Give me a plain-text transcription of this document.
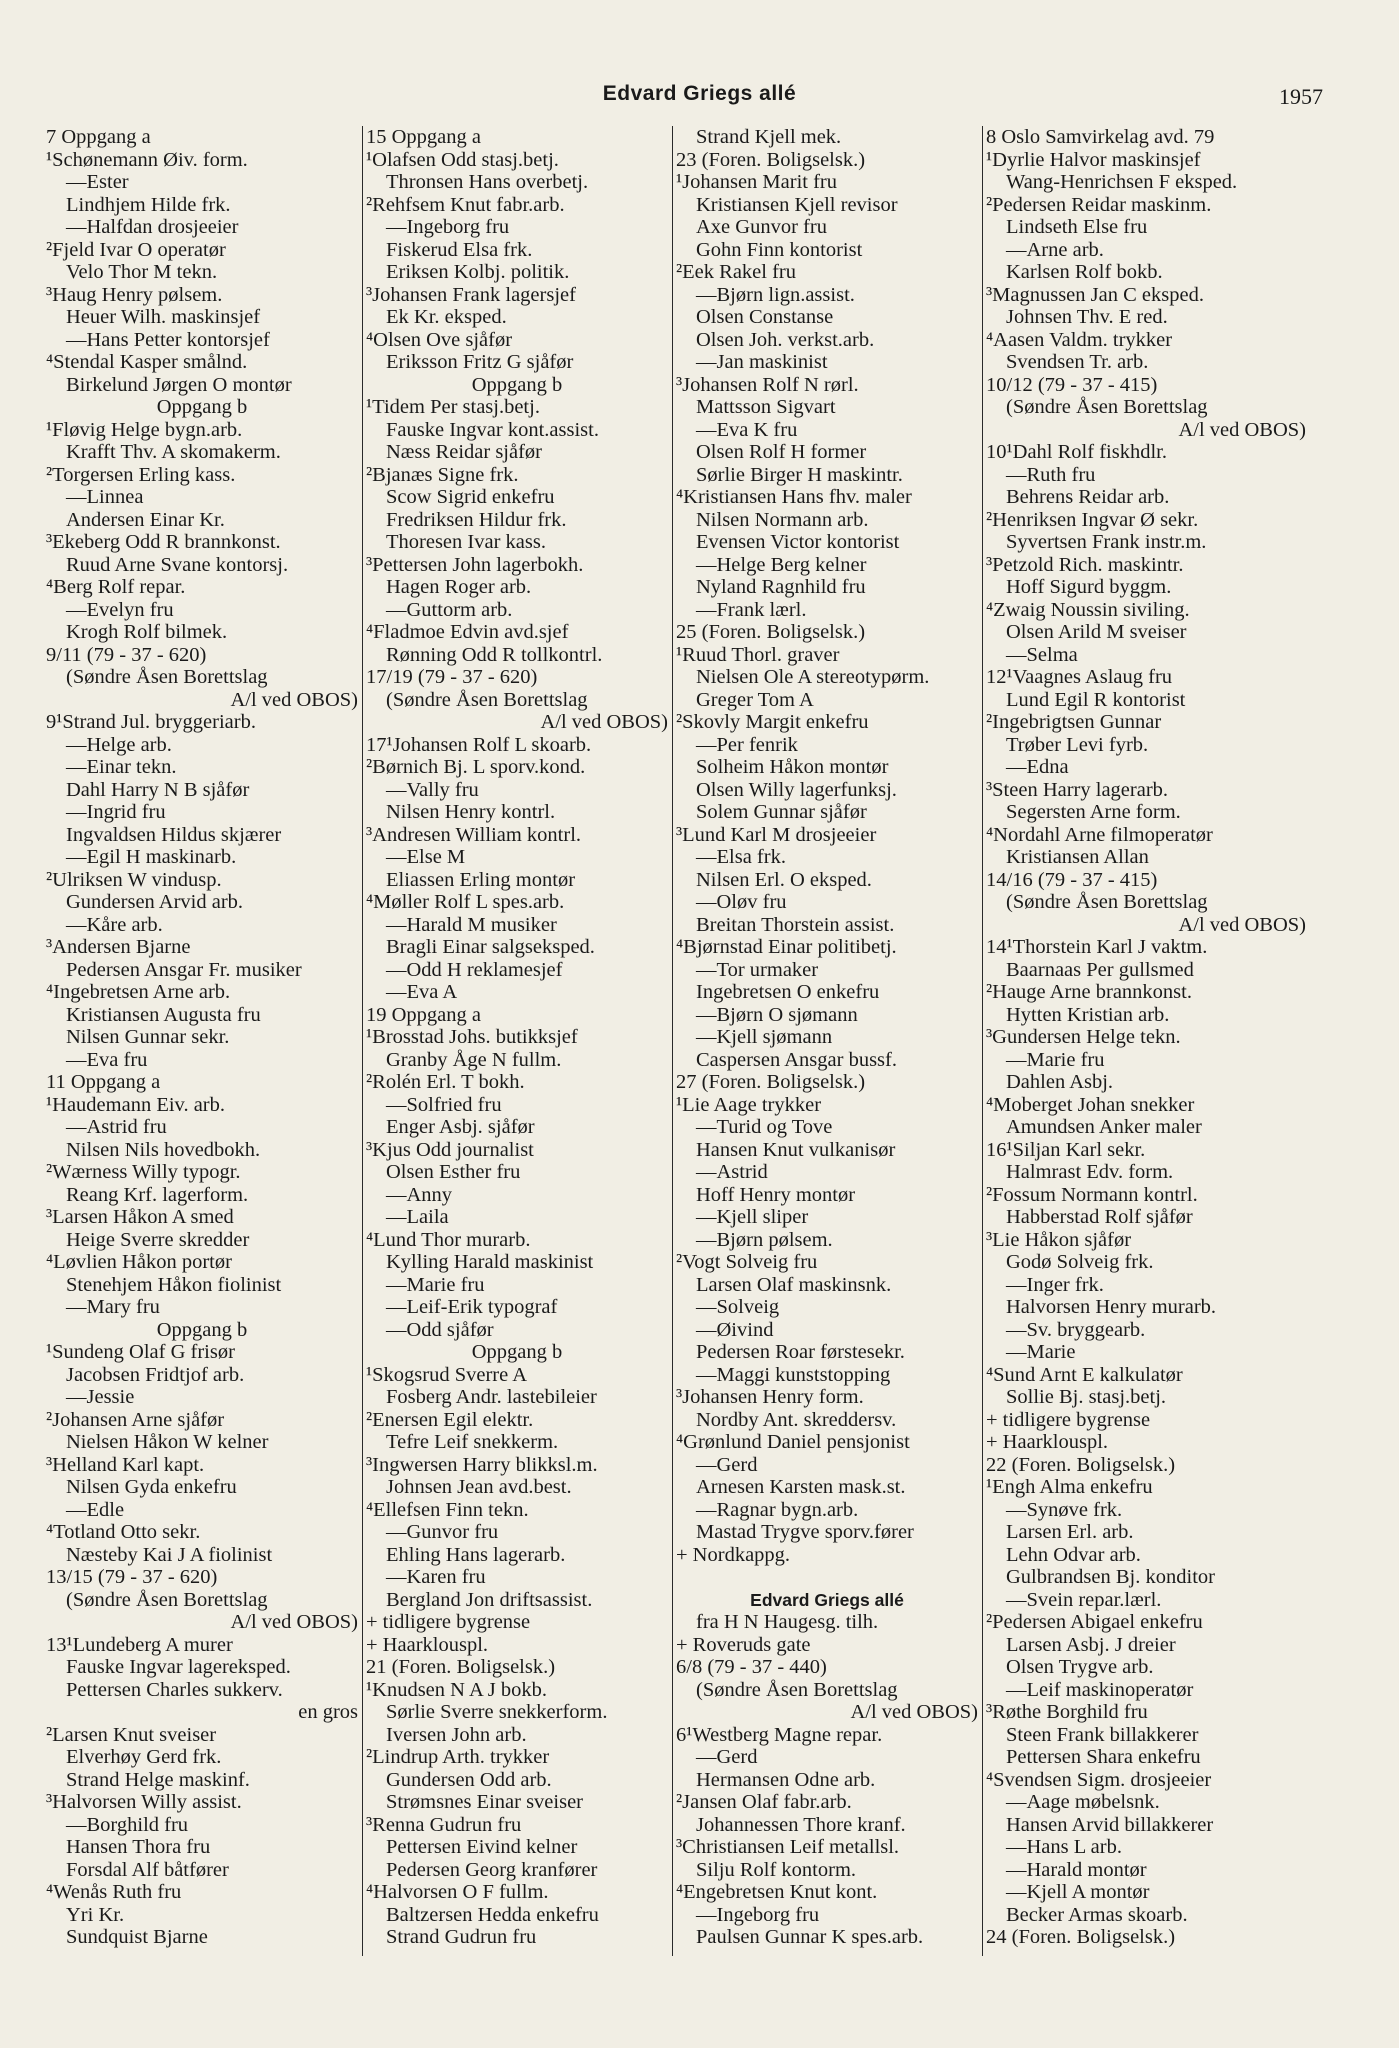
Edvard Griegs allé	1957
7 Oppgang a
¹Schønemann Øiv. form.
—Ester
Lindhjem Hilde frk.
—Halfdan drosjeeier
²Fjeld Ivar O operatør
Velo Thor M tekn.
³Haug Henry pølsem.
Heuer Wilh. maskinsjef
—Hans Petter kontorsjef
⁴Stendal Kasper smålnd.
Birkelund Jørgen O montør
Oppgang b
¹Fløvig Helge bygn.arb.
Krafft Thv. A skomakerm.
²Torgersen Erling kass.
—Linnea
Andersen Einar Kr.
³Ekeberg Odd R brannkonst.
Ruud Arne Svane kontorsj.
⁴Berg Rolf repar.
—Evelyn fru
Krogh Rolf bilmek.
9/11 (79 - 37 - 620)
(Søndre Åsen Borettslag
A/l ved OBOS)
9¹Strand Jul. bryggeriarb.
—Helge arb.
—Einar tekn.
Dahl Harry N B sjåfør
—Ingrid fru
Ingvaldsen Hildus skjærer
—Egil H maskinarb.
²Ulriksen W vindusp.
Gundersen Arvid arb.
—Kåre arb.
³Andersen Bjarne
Pedersen Ansgar Fr. musiker
⁴Ingebretsen Arne arb.
Kristiansen Augusta fru
Nilsen Gunnar sekr.
—Eva fru
11 Oppgang a
¹Haudemann Eiv. arb.
—Astrid fru
Nilsen Nils hovedbokh.
²Wærness Willy typogr.
Reang Krf. lagerform.
³Larsen Håkon A smed
Heige Sverre skredder
⁴Løvlien Håkon portør
Stenehjem Håkon fiolinist
—Mary fru
Oppgang b
¹Sundeng Olaf G frisør
Jacobsen Fridtjof arb.
—Jessie
²Johansen Arne sjåfør
Nielsen Håkon W kelner
³Helland Karl kapt.
Nilsen Gyda enkefru
—Edle
⁴Totland Otto sekr.
Næsteby Kai J A fiolinist
13/15 (79 - 37 - 620)
(Søndre Åsen Borettslag
A/l ved OBOS)
13¹Lundeberg A murer
Fauske Ingvar lagereksped.
Pettersen Charles sukkerv.
en gros
²Larsen Knut sveiser
Elverhøy Gerd frk.
Strand Helge maskinf.
³Halvorsen Willy assist.
—Borghild fru
Hansen Thora fru
Forsdal Alf båtfører
⁴Wenås Ruth fru
Yri Kr.
Sundquist Bjarne
15 Oppgang a
¹Olafsen Odd stasj.betj.
Thronsen Hans overbetj.
²Rehfsem Knut fabr.arb.
—Ingeborg fru
Fiskerud Elsa frk.
Eriksen Kolbj. politik.
³Johansen Frank lagersjef
Ek Kr. eksped.
⁴Olsen Ove sjåfør
Eriksson Fritz G sjåfør
Oppgang b
¹Tidem Per stasj.betj.
Fauske Ingvar kont.assist.
Næss Reidar sjåfør
²Bjanæs Signe frk.
Scow Sigrid enkefru
Fredriksen Hildur frk.
Thoresen Ivar kass.
³Pettersen John lagerbokh.
Hagen Roger arb.
—Guttorm arb.
⁴Fladmoe Edvin avd.sjef
Rønning Odd R tollkontrl.
17/19 (79 - 37 - 620)
(Søndre Åsen Borettslag
A/l ved OBOS)
17¹Johansen Rolf L skoarb.
²Børnich Bj. L sporv.kond.
—Vally fru
Nilsen Henry kontrl.
³Andresen William kontrl.
—Else M
Eliassen Erling montør
⁴Møller Rolf L spes.arb.
—Harald M musiker
Bragli Einar salgseksped.
—Odd H reklamesjef
—Eva A
19 Oppgang a
¹Brosstad Johs. butikksjef
Granby Åge N fullm.
²Rolén Erl. T bokh.
—Solfried fru
Enger Asbj. sjåfør
³Kjus Odd journalist
Olsen Esther fru
—Anny
—Laila
⁴Lund Thor murarb.
Kylling Harald maskinist
—Marie fru
—Leif-Erik typograf
—Odd sjåfør
Oppgang b
¹Skogsrud Sverre A
Fosberg Andr. lastebileier
²Enersen Egil elektr.
Tefre Leif snekkerm.
³Ingwersen Harry blikksl.m.
Johnsen Jean avd.best.
⁴Ellefsen Finn tekn.
—Gunvor fru
Ehling Hans lagerarb.
—Karen fru
Bergland Jon driftsassist.
+ tidligere bygrense
+ Haarklouspl.
21 (Foren. Boligselsk.)
¹Knudsen N A J bokb.
Sørlie Sverre snekkerform.
Iversen John arb.
²Lindrup Arth. trykker
Gundersen Odd arb.
Strømsnes Einar sveiser
³Renna Gudrun fru
Pettersen Eivind kelner
Pedersen Georg kranfører
⁴Halvorsen O F fullm.
Baltzersen Hedda enkefru
Strand Gudrun fru
Strand Kjell mek.
23 (Foren. Boligselsk.)
¹Johansen Marit fru
Kristiansen Kjell revisor
Axe Gunvor fru
Gohn Finn kontorist
²Eek Rakel fru
—Bjørn lign.assist.
Olsen Constanse
Olsen Joh. verkst.arb.
—Jan maskinist
³Johansen Rolf N rørl.
Mattsson Sigvart
—Eva K fru
Olsen Rolf H former
Sørlie Birger H maskintr.
⁴Kristiansen Hans fhv. maler
Nilsen Normann arb.
Evensen Victor kontorist
—Helge Berg kelner
Nyland Ragnhild fru
—Frank lærl.
25 (Foren. Boligselsk.)
¹Ruud Thorl. graver
Nielsen Ole A stereotypørm.
Greger Tom A
²Skovly Margit enkefru
—Per fenrik
Solheim Håkon montør
Olsen Willy lagerfunksj.
Solem Gunnar sjåfør
³Lund Karl M drosjeeier
—Elsa frk.
Nilsen Erl. O eksped.
—Oløv fru
Breitan Thorstein assist.
⁴Bjørnstad Einar politibetj.
—Tor urmaker
Ingebretsen O enkefru
—Bjørn O sjømann
—Kjell sjømann
Caspersen Ansgar bussf.
27 (Foren. Boligselsk.)
¹Lie Aage trykker
—Turid og Tove
Hansen Knut vulkanisør
—Astrid
Hoff Henry montør
—Kjell sliper
—Bjørn pølsem.
²Vogt Solveig fru
Larsen Olaf maskinsnk.
—Solveig
—Øivind
Pedersen Roar førstesekr.
—Maggi kunststopping
³Johansen Henry form.
Nordby Ant. skreddersv.
⁴Grønlund Daniel pensjonist
—Gerd
Arnesen Karsten mask.st.
—Ragnar bygn.arb.
Mastad Trygve sporv.fører
+ Nordkappg.
Edvard Griegs allé
fra H N Haugesg. tilh.
+ Roveruds gate
6/8 (79 - 37 - 440)
(Søndre Åsen Borettslag
A/l ved OBOS)
6¹Westberg Magne repar.
—Gerd
Hermansen Odne arb.
²Jansen Olaf fabr.arb.
Johannessen Thore kranf.
³Christiansen Leif metallsl.
Silju Rolf kontorm.
⁴Engebretsen Knut kont.
—Ingeborg fru
Paulsen Gunnar K spes.arb.
8 Oslo Samvirkelag avd. 79
¹Dyrlie Halvor maskinsjef
Wang-Henrichsen F eksped.
²Pedersen Reidar maskinm.
Lindseth Else fru
—Arne arb.
Karlsen Rolf bokb.
³Magnussen Jan C eksped.
Johnsen Thv. E red.
⁴Aasen Valdm. trykker
Svendsen Tr. arb.
10/12 (79 - 37 - 415)
(Søndre Åsen Borettslag
A/l ved OBOS)
10¹Dahl Rolf fiskhdlr.
—Ruth fru
Behrens Reidar arb.
²Henriksen Ingvar Ø sekr.
Syvertsen Frank instr.m.
³Petzold Rich. maskintr.
Hoff Sigurd byggm.
⁴Zwaig Noussin siviling.
Olsen Arild M sveiser
—Selma
12¹Vaagnes Aslaug fru
Lund Egil R kontorist
²Ingebrigtsen Gunnar
Trøber Levi fyrb.
—Edna
³Steen Harry lagerarb.
Segersten Arne form.
⁴Nordahl Arne filmoperatør
Kristiansen Allan
14/16 (79 - 37 - 415)
(Søndre Åsen Borettslag
A/l ved OBOS)
14¹Thorstein Karl J vaktm.
Baarnaas Per gullsmed
²Hauge Arne brannkonst.
Hytten Kristian arb.
³Gundersen Helge tekn.
—Marie fru
Dahlen Asbj.
⁴Moberget Johan snekker
Amundsen Anker maler
16¹Siljan Karl sekr.
Halmrast Edv. form.
²Fossum Normann kontrl.
Habberstad Rolf sjåfør
³Lie Håkon sjåfør
Godø Solveig frk.
—Inger frk.
Halvorsen Henry murarb.
—Sv. bryggearb.
—Marie
⁴Sund Arnt E kalkulatør
Sollie Bj. stasj.betj.
+ tidligere bygrense
+ Haarklouspl.
22 (Foren. Boligselsk.)
¹Engh Alma enkefru
—Synøve frk.
Larsen Erl. arb.
Lehn Odvar arb.
Gulbrandsen Bj. konditor
—Svein repar.lærl.
²Pedersen Abigael enkefru
Larsen Asbj. J dreier
Olsen Trygve arb.
—Leif maskinoperatør
³Røthe Borghild fru
Steen Frank billakkerer
Pettersen Shara enkefru
⁴Svendsen Sigm. drosjeeier
—Aage møbelsnk.
Hansen Arvid billakkerer
—Hans L arb.
—Harald montør
—Kjell A montør
Becker Armas skoarb.
24 (Foren. Boligselsk.)
